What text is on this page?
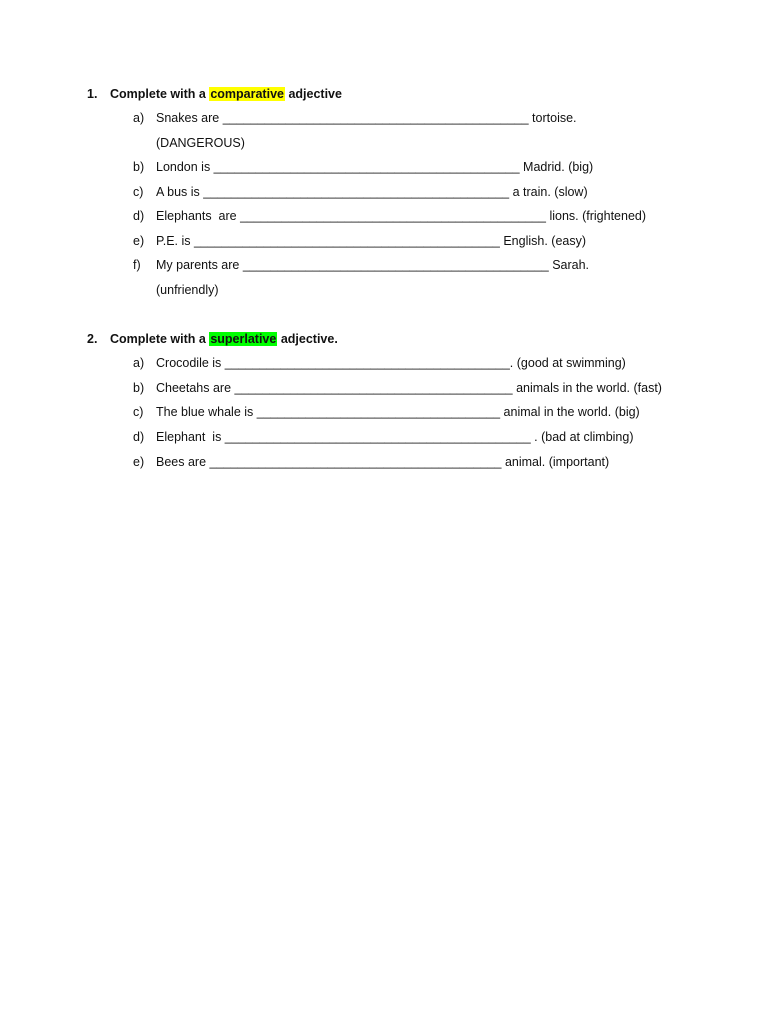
1. Complete with a comparative adjective
a) Snakes are ____________________________________________ tortoise.
(DANGEROUS)
b) London is ____________________________________________ Madrid. (big)
c) A bus is ____________________________________________ a train. (slow)
d) Elephants  are ____________________________________________ lions. (frightened)
e) P.E. is ____________________________________________ English. (easy)
f) My parents are ____________________________________________ Sarah.
(unfriendly)
2. Complete with a superlative adjective.
a) Crocodile is _________________________________________. (good at swimming)
b) Cheetahs are ________________________________________ animals in the world. (fast)
c) The blue whale is ___________________________________ animal in the world. (big)
d) Elephant  is ____________________________________________ . (bad at climbing)
e) Bees are __________________________________________ animal. (important)
